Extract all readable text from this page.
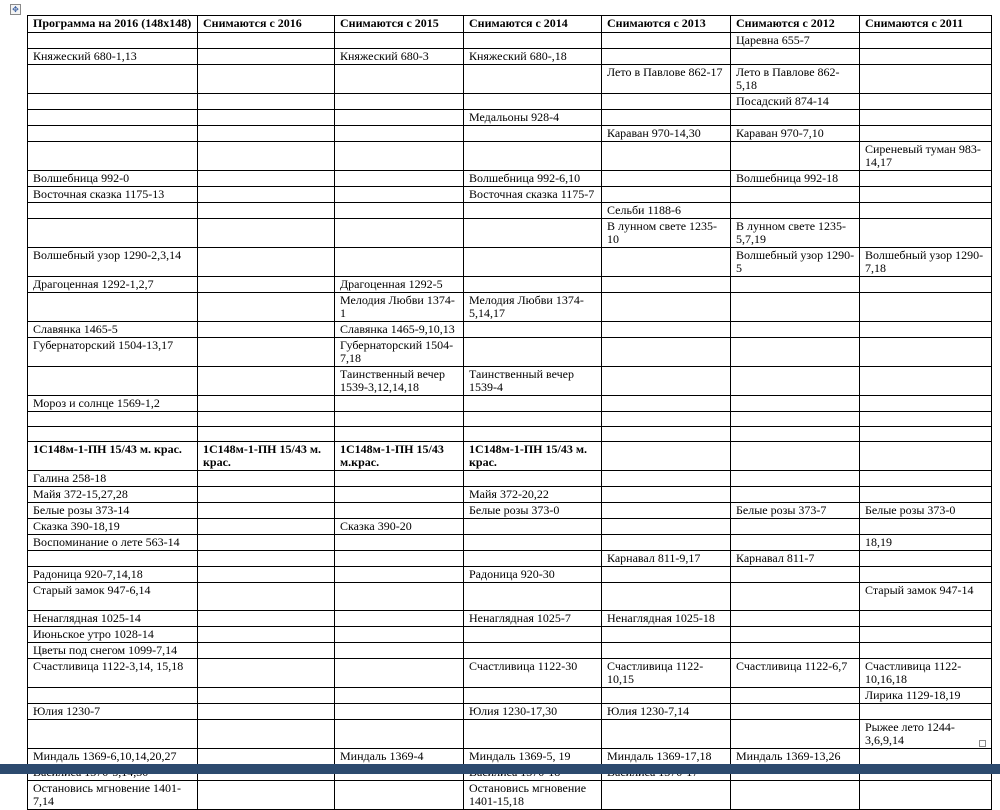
✥
Программа на 2016 (148х148)	Снимаются с 2016	Снимаются с 2015	Снимаются с 2014	Снимаются с 2013	Снимаются с 2012	Снимаются с 2011
					Царевна 655-7	
Княжеский 680-1,13		Княжеский 680-3	Княжеский 680-,18			
				Лето в Павлове 862-17	Лето в Павлове 862-5,18	
					Посадский 874-14	
			Медальоны 928-4			
				Караван 970-14,30	Караван 970-7,10	
						Сиреневый туман 983-14,17
Волшебница 992-0			Волшебница 992-6,10		Волшебница 992-18	
Восточная сказка 1175-13			Восточная сказка 1175-7			
				Сельби 1188-6		
				В лунном свете 1235-10	В лунном свете 1235-5,7,19	
Волшебный узор 1290-2,3,14					Волшебный узор 1290-5	Волшебный узор 1290-7,18
Драгоценная 1292-1,2,7		Драгоценная 1292-5				
		Мелодия Любви 1374-1	Мелодия Любви 1374-5,14,17			
Славянка 1465-5		Славянка 1465-9,10,13				
Губернаторский 1504-13,17		Губернаторский 1504-7,18				
		Таинственный вечер 1539-3,12,14,18	Таинственный вечер 1539-4			
Мороз и солнце 1569-1,2						

1С148м-1-ПН 15/43 м. крас.	1С148м-1-ПН 15/43 м. крас.	1С148м-1-ПН 15/43 м.крас.	1С148м-1-ПН 15/43 м. крас.			
Галина 258-18						
Майя 372-15,27,28			Майя 372-20,22			
Белые розы 373-14			Белые розы 373-0		Белые розы 373-7	Белые розы 373-0
Сказка 390-18,19		Сказка 390-20				
Воспоминание о лете 563-14						18,19
				Карнавал 811-9,17	Карнавал 811-7	
Радоница 920-7,14,18			Радоница 920-30			
Старый замок 947-6,14						Старый замок 947-14
Ненаглядная 1025-14			Ненаглядная 1025-7	Ненаглядная 1025-18		
Июньское утро 1028-14						
Цветы под снегом 1099-7,14						
Счастливица 1122-3,14, 15,18			Счастливица 1122-30	Счастливица 1122-10,15	Счастливица 1122-6,7	Счастливица 1122-10,16,18
						Лирика 1129-18,19
Юлия 1230-7			Юлия 1230-17,30	Юлия 1230-7,14		
						Рыжее лето 1244-3,6,9,14
Миндаль 1369-6,10,14,20,27		Миндаль 1369-4	Миндаль 1369-5, 19	Миндаль 1369-17,18	Миндаль 1369-13,26	

Остановись мгновение 1401-7,14			Остановись мгновение 1401-15,18			
